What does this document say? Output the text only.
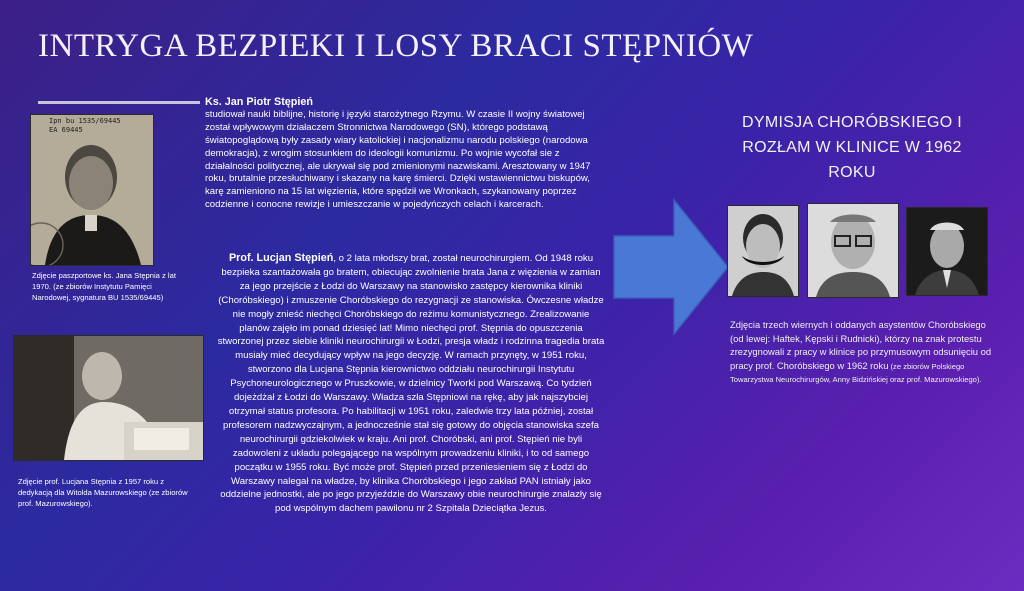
INTRYGA BEZPIEKI I LOSY BRACI STĘPNIÓW
Ipn bu 1535/69445
EA 69445
Zdjęcie paszportowe ks. Jana Stępnia z lat 1970. (ze zbiorów Instytutu Pamięci Narodowej, sygnatura BU 1535/69445)
Zdjęcie prof. Lucjana Stępnia z 1957 roku z dedykacją dla Witolda Mazurowskiego (ze zbiorów prof. Mazurowskiego).
Ks. Jan Piotr Stępień
studiował nauki biblijne, historię i języki starożytnego Rzymu. W czasie II wojny światowej został wpływowym działaczem Stronnictwa Narodowego (SN), którego podstawą światopoglądową były zasady wiary katolickiej i nacjonalizmu narodu polskiego (narodowa demokracja), z wrogim stosunkiem do ideologii komunizmu. Po wojnie wycofał sie z działalności politycznej, ale ukrywał się pod zmienionymi nazwiskami. Aresztowany w 1947 roku, brutalnie przesłuchiwany i skazany na karę śmierci. Dzięki wstawiennictwu biskupów, karę zamieniono na 15 lat więzienia, które spędził we Wronkach, szykanowany poprzez codzienne i conocne rewizje i umieszczanie w pojedyńczych celach i karcerach.
Prof. Lucjan Stępień, o 2 lata młodszy brat, został neurochirurgiem. Od 1948 roku bezpieka szantażowała go bratem, obiecując zwolnienie brata Jana z więzienia w zamian za jego przejście z Łodzi do Warszawy na stanowisko zastępcy kierownika kliniki (Choróbskiego) i zmuszenie Choróbskiego do rezygnacji ze stanowiska. Ówczesne władze nie mogły znieść niechęci Choróbskiego do reżimu komunistycznego. Zrealizowanie planów zajęło im ponad dziesięć lat! Mimo niechęci prof. Stępnia do opuszczenia stworzonej przez siebie kliniki neurochirurgii w Łodzi, presja władz i rodzinna tragedia brata musiały mieć decydujący wpływ na jego decyzję. W ramach przynęty, w 1951 roku, stworzono dla Lucjana Stępnia kierownictwo oddziału neurochirurgii Instytutu Psychoneurologicznego w Pruszkowie, w dzielnicy Tworki pod Warszawą. Co tydzień dojeżdżał z Łodzi do Warszawy. Władza szła Stępniowi na rękę, aby jak najszybciej otrzymał status profesora. Po habilitacji w 1951 roku, zaledwie trzy lata później, został profesorem nadzwyczajnym, a jednocześnie stał się gotowy do objęcia stanowiska szefa neurochirurgii gdziekolwiek w kraju. Ani prof. Choróbski, ani prof. Stępień nie byli zadowoleni z układu polegającego na wspólnym prowadzeniu kliniki, i to od samego początku w 1955 roku. Być może prof. Stępień przed przeniesieniem się z Łodzi do Warszawy nalegał na władze, by klinika Choróbskiego i jego zakład PAN istniały jako oddzielne jednostki, ale po jego przyjeździe do Warszawy obie neurochirurgie znalazły się pod wspólnym dachem pawilonu nr 2 Szpitala Dzieciątka Jezus.
DYMISJA CHORÓBSKIEGO I ROZŁAM W KLINICE W 1962 ROKU
Zdjęcia trzech wiernych i oddanych asystentów Choróbskiego (od lewej: Haftek, Kępski i Rudnicki), którzy na znak protestu zrezygnowali z pracy w klinice po przymusowym odsunięciu od pracy prof. Choróbskiego w 1962 roku (ze zbiorów Polskiego Towarzystwa Neurochirurgów, Anny Bidzińskiej oraz prof. Mazurowskiego).
